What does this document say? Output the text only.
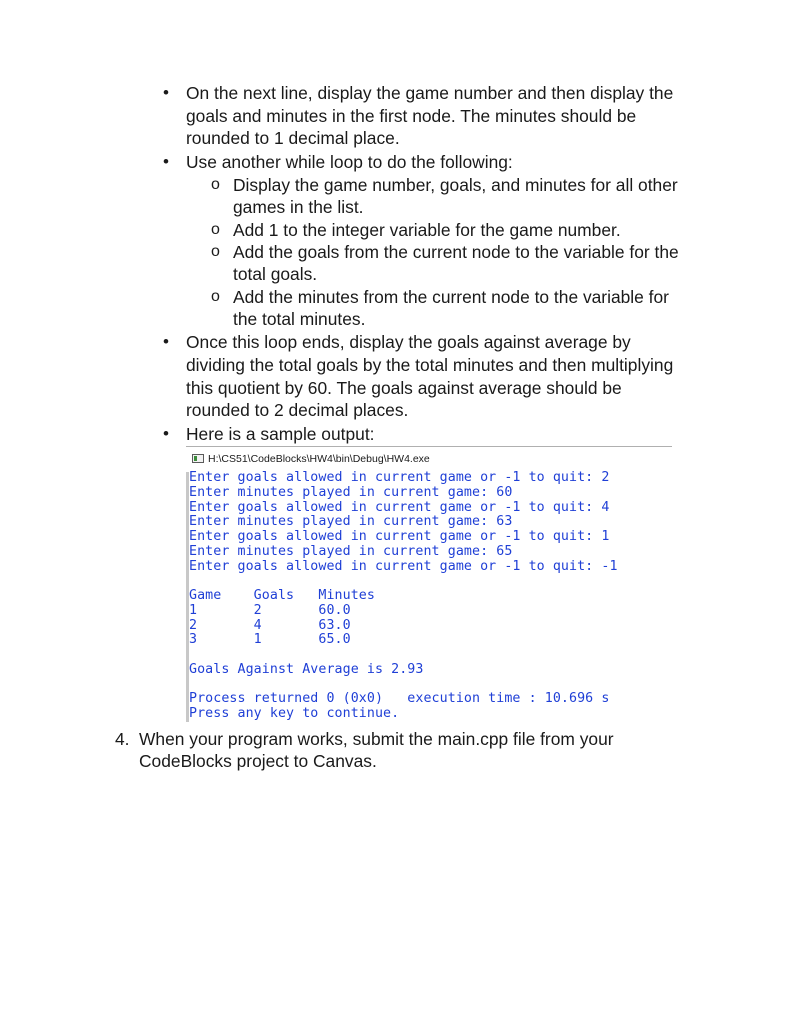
• On the next line, display the game number and then display the
goals and minutes in the first node. The minutes should be
rounded to 1 decimal place.
• Use another while loop to do the following:
o Display the game number, goals, and minutes for all other
games in the list.
o Add 1 to the integer variable for the game number.
o Add the goals from the current node to the variable for the
total goals.
o Add the minutes from the current node to the variable for
the total minutes.
• Once this loop ends, display the goals against average by
dividing the total goals by the total minutes and then multiplying
this quotient by 60. The goals against average should be
rounded to 2 decimal places.
• Here is a sample output:
H:\CS51\CodeBlocks\HW4\bin\Debug\HW4.exe
Enter goals allowed in current game or -1 to quit: 2
Enter minutes played in current game: 60
Enter goals allowed in current game or -1 to quit: 4
Enter minutes played in current game: 63
Enter goals allowed in current game or -1 to quit: 1
Enter minutes played in current game: 65
Enter goals allowed in current game or -1 to quit: -1
Game    Goals   Minutes
1       2       60.0
2       4       63.0
3       1       65.0
Goals Against Average is 2.93
Process returned 0 (0x0)   execution time : 10.696 s
Press any key to continue.
4. When your program works, submit the main.cpp file from your
CodeBlocks project to Canvas.
